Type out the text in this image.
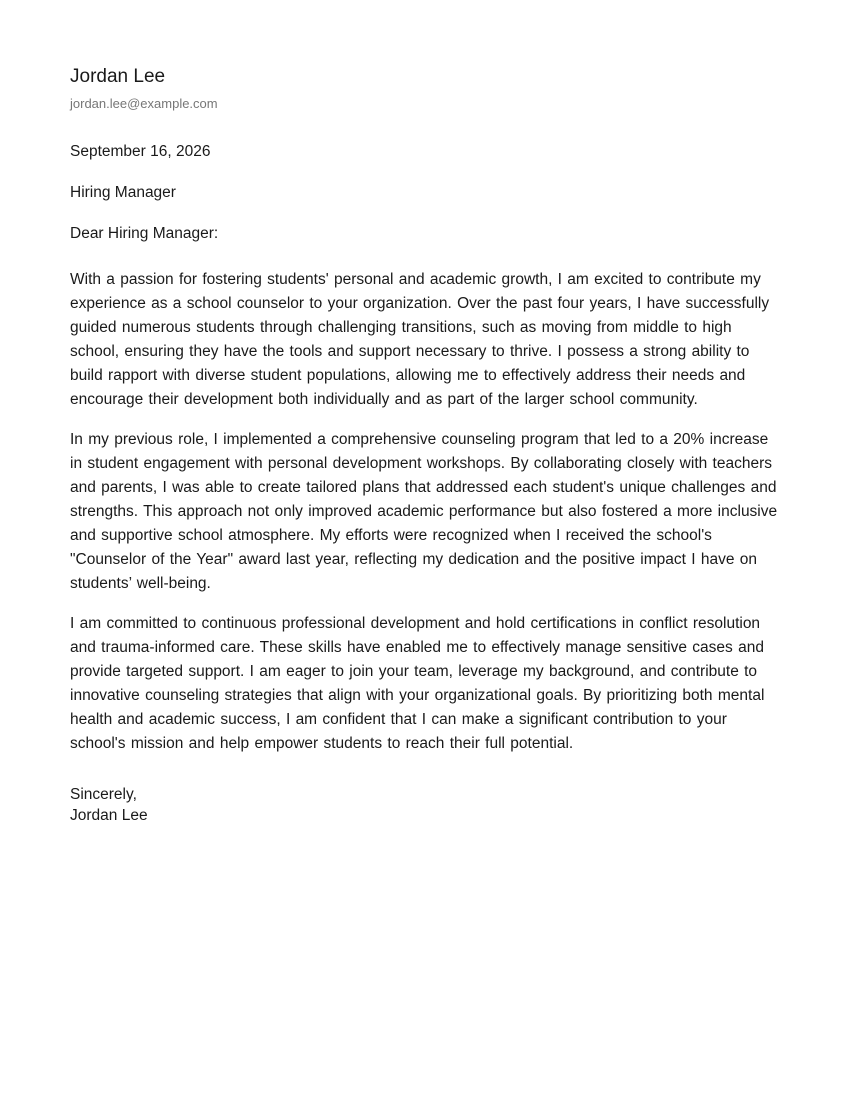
Jordan Lee
jordan.lee@example.com
September 16, 2026
Hiring Manager
Dear Hiring Manager:

With a passion for fostering students' personal and academic growth, I am excited to contribute my experience as a school counselor to your organization. Over the past four years, I have successfully guided numerous students through challenging transitions, such as moving from middle to high school, ensuring they have the tools and support necessary to thrive. I possess a strong ability to build rapport with diverse student populations, allowing me to effectively address their needs and encourage their development both individually and as part of the larger school community.

In my previous role, I implemented a comprehensive counseling program that led to a 20% increase in student engagement with personal development workshops. By collaborating closely with teachers and parents, I was able to create tailored plans that addressed each student's unique challenges and strengths. This approach not only improved academic performance but also fostered a more inclusive and supportive school atmosphere. My efforts were recognized when I received the school's "Counselor of the Year" award last year, reflecting my dedication and the positive impact I have on students’ well-being.

I am committed to continuous professional development and hold certifications in conflict resolution and trauma-informed care. These skills have enabled me to effectively manage sensitive cases and provide targeted support. I am eager to join your team, leverage my background, and contribute to innovative counseling strategies that align with your organizational goals. By prioritizing both mental health and academic success, I am confident that I can make a significant contribution to your school's mission and help empower students to reach their full potential.

Sincerely,
Jordan Lee
